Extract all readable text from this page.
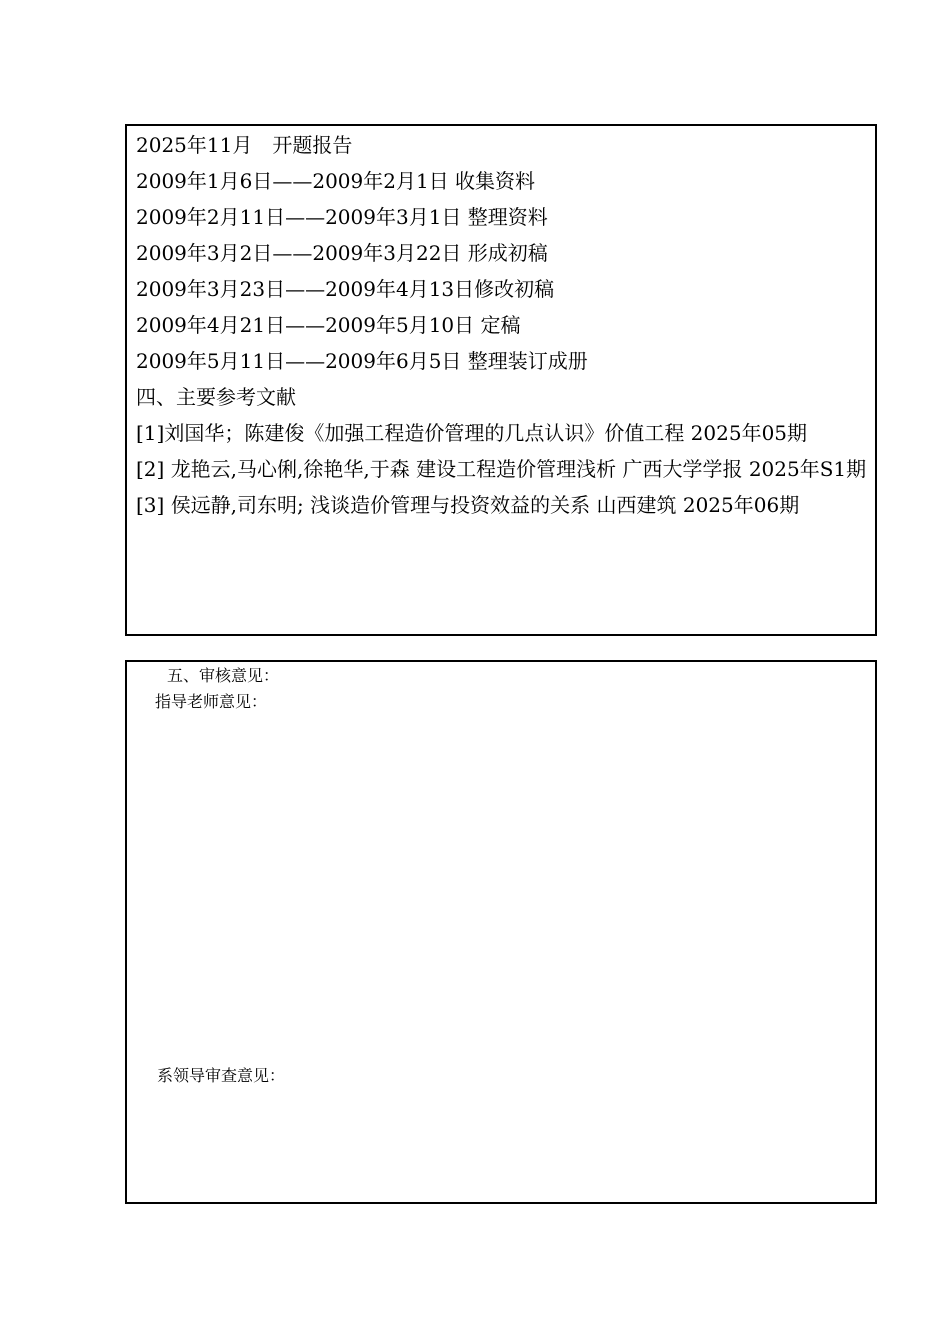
2025年11月　开题报告
2009年1月6日——2009年2月1日 收集资料
2009年2月11日——2009年3月1日 整理资料
2009年3月2日——2009年3月22日 形成初稿
2009年3月23日——2009年4月13日修改初稿
2009年4月21日——2009年5月10日 定稿
2009年5月11日——2009年6月5日 整理装订成册
四、主要参考文献
[1]刘国华；陈建俊《加强工程造价管理的几点认识》价值工程 2025年05期
[2] 龙艳云,马心俐,徐艳华,于森 建设工程造价管理浅析 广西大学学报 2025年S1期
[3] 侯远静,司东明; 浅谈造价管理与投资效益的关系 山西建筑 2025年06期
五、审核意见：
指导老师意见：
系领导审查意见：
